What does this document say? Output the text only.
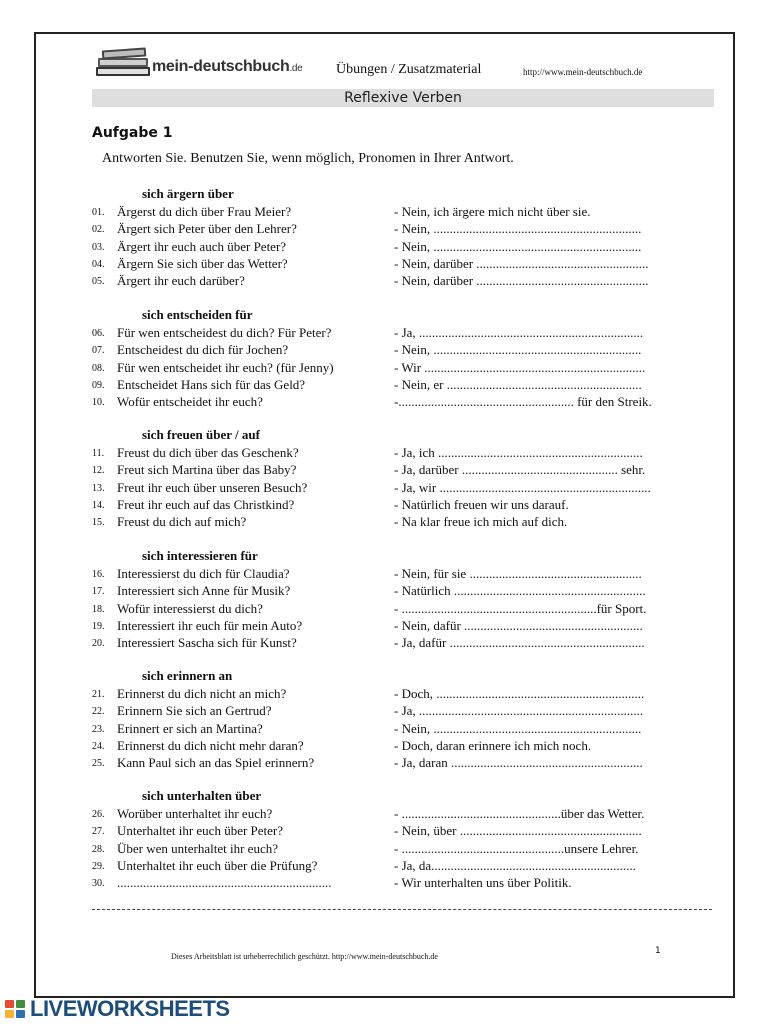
mein-deutschbuch.de Übungen / Zusatzmaterial	http://www.mein-deutschbuch.de
Reflexive Verben
Aufgabe 1
Antworten Sie. Benutzen Sie, wenn möglich, Pronomen in Ihrer Antwort.
sich ärgern über
01. Ärgerst du dich über Frau Meier?	- Nein, ich ärgere mich nicht über sie.
02. Ärgert sich Peter über den Lehrer?	- Nein, ................................................................
03. Ärgert ihr euch auch über Peter?	- Nein, ................................................................
04. Ärgern Sie sich über das Wetter?	- Nein, darüber .....................................................
05. Ärgert ihr euch darüber?	- Nein, darüber .....................................................
sich entscheiden für
06. Für wen entscheidest du dich? Für Peter?	- Ja, .....................................................................
07. Entscheidest du dich für Jochen?	- Nein, ................................................................
08. Für wen entscheidet ihr euch? (für Jenny)	- Wir ....................................................................
09. Entscheidet Hans sich für das Geld?	- Nein, er ............................................................
10. Wofür entscheidet ihr euch?	-...................................................... für den Streik.
sich freuen über / auf
11. Freust du dich über das Geschenk?	- Ja, ich ...............................................................
12. Freut sich Martina über das Baby?	- Ja, darüber ................................................ sehr.
13. Freut ihr euch über unseren Besuch?	- Ja, wir .................................................................
14. Freut ihr euch auf das Christkind?	- Natürlich freuen wir uns darauf.
15. Freust du dich auf mich?	- Na klar freue ich mich auf dich.
sich interessieren für
16. Interessierst du dich für Claudia?	- Nein, für sie .....................................................
17. Interessiert sich Anne für Musik?	- Natürlich ...........................................................
18. Wofür interessierst du dich?	- ............................................................für Sport.
19. Interessiert ihr euch für mein Auto?	- Nein, dafür .......................................................
20. Interessiert Sascha sich für Kunst?	- Ja, dafür ............................................................
sich erinnern an
21. Erinnerst du dich nicht an mich?	- Doch, ................................................................
22. Erinnern Sie sich an Gertrud?	- Ja, .....................................................................
23. Erinnert er sich an Martina?	- Nein, ................................................................
24. Erinnerst du dich nicht mehr daran?	- Doch, daran erinnere ich mich noch.
25. Kann Paul sich an das Spiel erinnern?	- Ja, daran ...........................................................
sich unterhalten über
26. Worüber unterhaltet ihr euch?	- .................................................über das Wetter.
27. Unterhaltet ihr euch über Peter?	- Nein, über ........................................................
28. Über wen unterhaltet ihr euch?	- ..................................................unsere Lehrer.
29. Unterhaltet ihr euch über die Prüfung?	- Ja, da...............................................................
30. ..................................................................	- Wir unterhalten uns über Politik.
Dieses Arbeitsblatt ist urheberrechtlich geschützt. http://www.mein-deutschbuch.de
1
LIVEWORKSHEETS
